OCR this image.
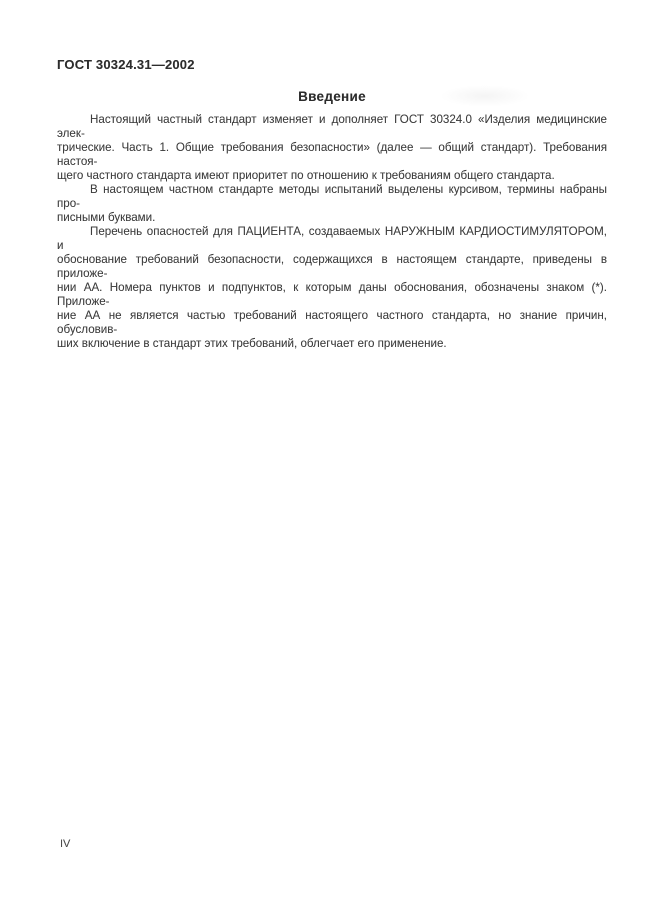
ГОСТ 30324.31—2002
Введение
Настоящий частный стандарт изменяет и дополняет ГОСТ 30324.0 «Изделия медицинские элек-
трические. Часть 1. Общие требования безопасности» (далее — общий стандарт). Требования настоя-
щего частного стандарта имеют приоритет по отношению к требованиям общего стандарта.
В настоящем частном стандарте методы испытаний выделены курсивом, термины набраны про-
писными буквами.
Перечень опасностей для ПАЦИЕНТА, создаваемых НАРУЖНЫМ КАРДИОСТИМУЛЯТОРОМ, и
обоснование требований безопасности, содержащихся в настоящем стандарте, приведены в приложе-
нии АА. Номера пунктов и подпунктов, к которым даны обоснования, обозначены знаком (*). Приложе-
ние АА не является частью требований настоящего частного стандарта, но знание причин, обусловив-
ших включение в стандарт этих требований, облегчает его применение.
IV
